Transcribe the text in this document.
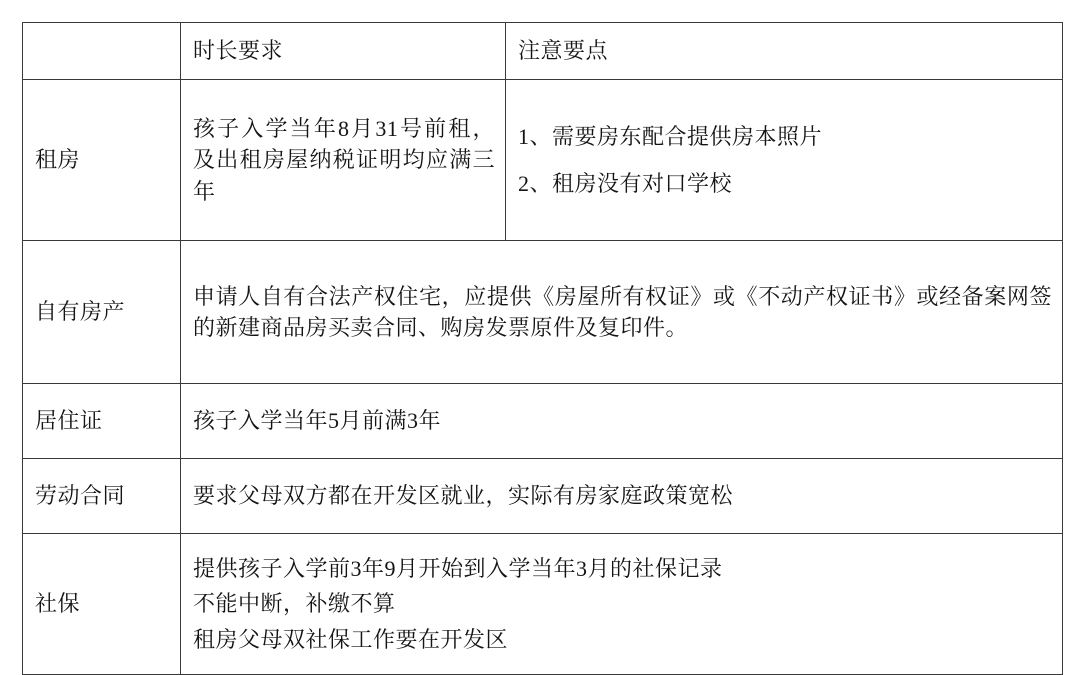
	时长要求	注意要点
租房	孩子入学当年8月31号前租，及出租房屋纳税证明均应满三年	1、需要房东配合提供房本照片

2、租房没有对口学校

自有房产	申请人自有合法产权住宅，应提供《房屋所有权证》或《不动产权证书》或经备案网签的新建商品房买卖合同、购房发票原件及复印件。	
居住证	孩子入学当年5月前满3年	
劳动合同	要求父母双方都在开发区就业，实际有房家庭政策宽松	
社保	提供孩子入学前3年9月开始到入学当年3月的社保记录

不能中断，补缴不算

租房父母双社保工作要在开发区	
